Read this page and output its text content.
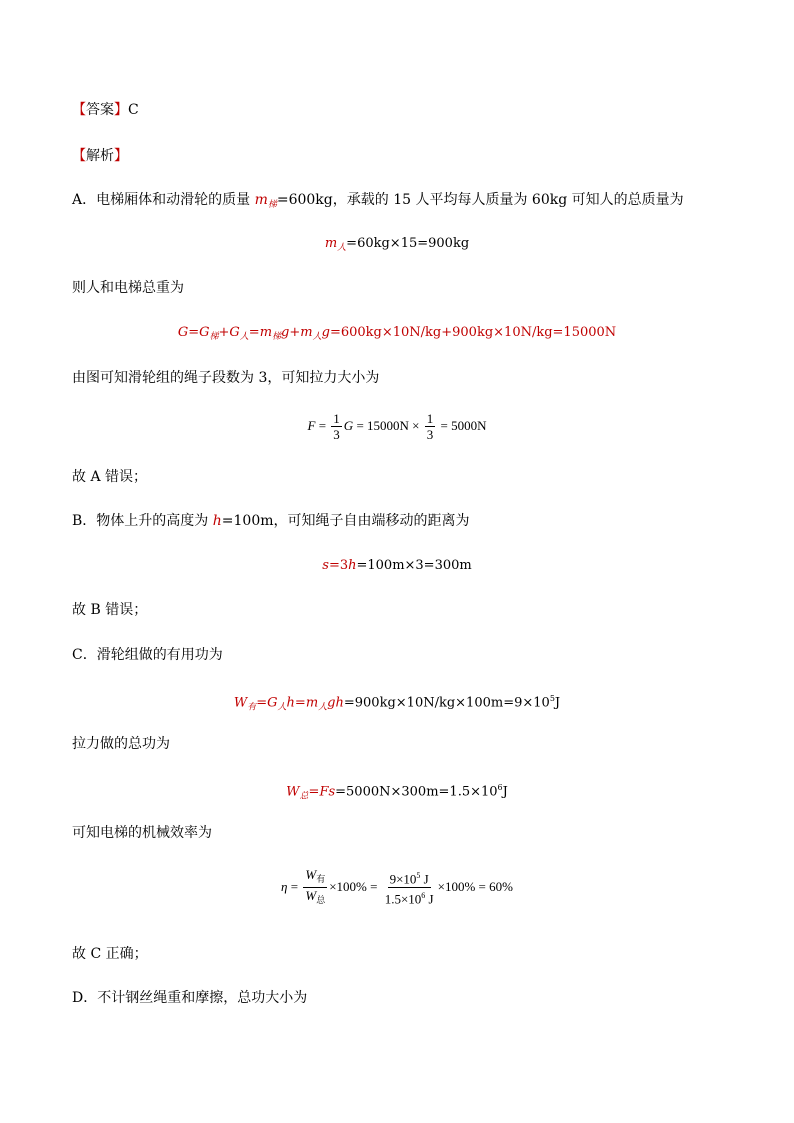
【答案】C
【解析】
A．电梯厢体和动滑轮的质量 $m_梯=600kg$，承载的 15 人平均每人质量为 60kg 可知人的总质量为
$m_人=60kg\times 15=900kg$
则人和电梯总重为
$G=G_梯+G_人=m_梯g+m_人g=600kg\times 10N/kg+900kg\times 10N/kg=15000N$
由图可知滑轮组的绳子段数为 3，可知拉力大小为
$F = \frac{1}{3}$ $G = 15000N \times \frac{1}{3} = 5000N$
故 A 错误；
B．物体上升的高度为 h=100m，可知绳子自由端移动的距离为
s=3h=100m×3=300m
故 B 错误；
C．滑轮组做的有用功为
$W_有=G_人h=m_人gh=900kg\times 10N/kg\times 100m=9\times 10^5J$
拉力做的总功为
$W_总=Fs=5000N\times 300m=1.5\times 10^6J$
可知电梯的机械效率为
$\eta = \frac{W_有}{W_总} \times 100\% = \frac{9\times 10^5 J}{1.5\times 10^6 J} \times 100\% = 60\%$
故 C 正确；
D．不计钢丝绳重和摩擦，总功大小为
